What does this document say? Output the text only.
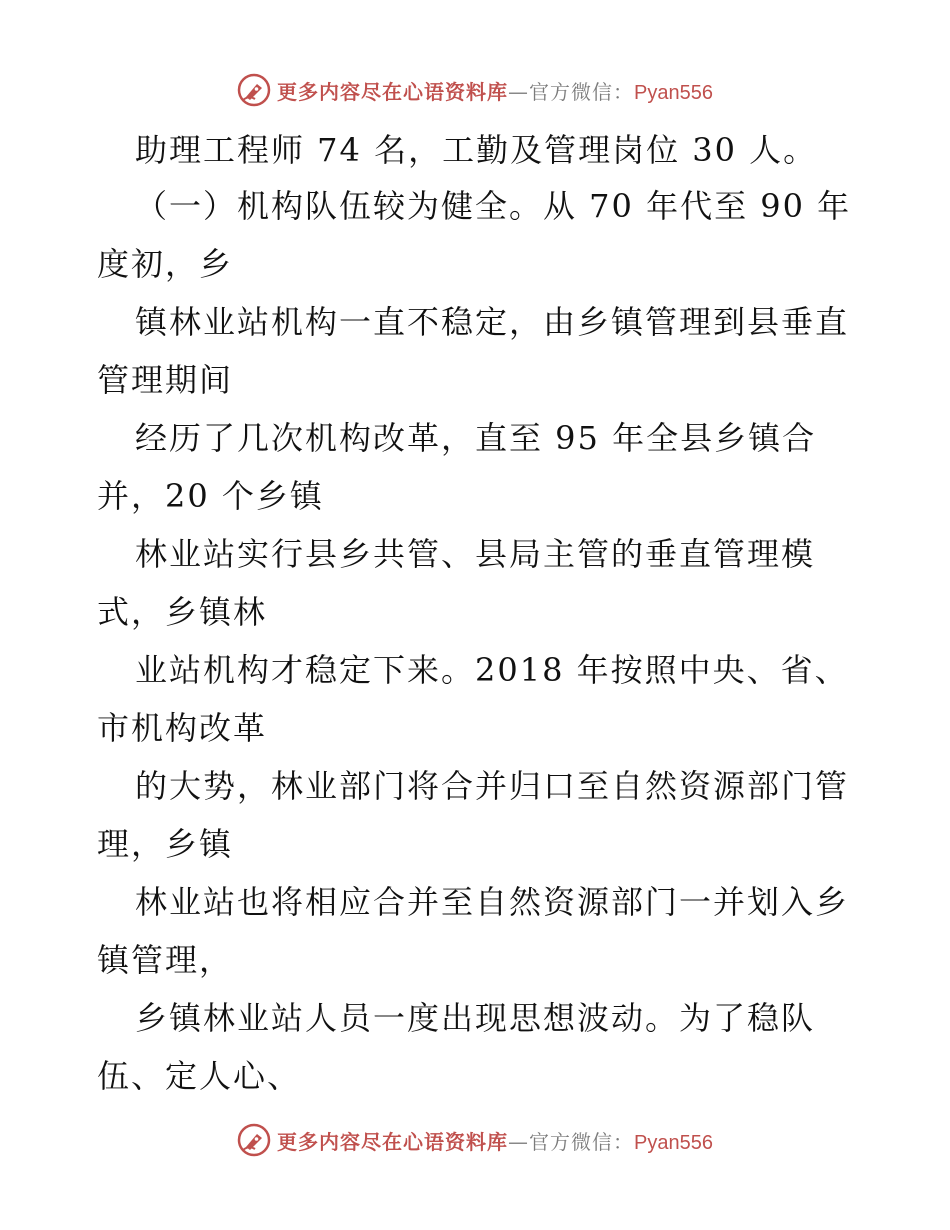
更多内容尽在心语资料库—官方微信：Pyan556
助理工程师 74 名，工勤及管理岗位 30 人。
（一）机构队伍较为健全。从 70 年代至 90 年
度初，乡
镇林业站机构一直不稳定，由乡镇管理到县垂直
管理期间
经历了几次机构改革，直至 95 年全县乡镇合
并，20 个乡镇
林业站实行县乡共管、县局主管的垂直管理模
式，乡镇林
业站机构才稳定下来。2018 年按照中央、省、
市机构改革
的大势，林业部门将合并归口至自然资源部门管
理，乡镇
林业站也将相应合并至自然资源部门一并划入乡
镇管理，
乡镇林业站人员一度出现思想波动。为了稳队
伍、定人心、
更多内容尽在心语资料库—官方微信：Pyan556
